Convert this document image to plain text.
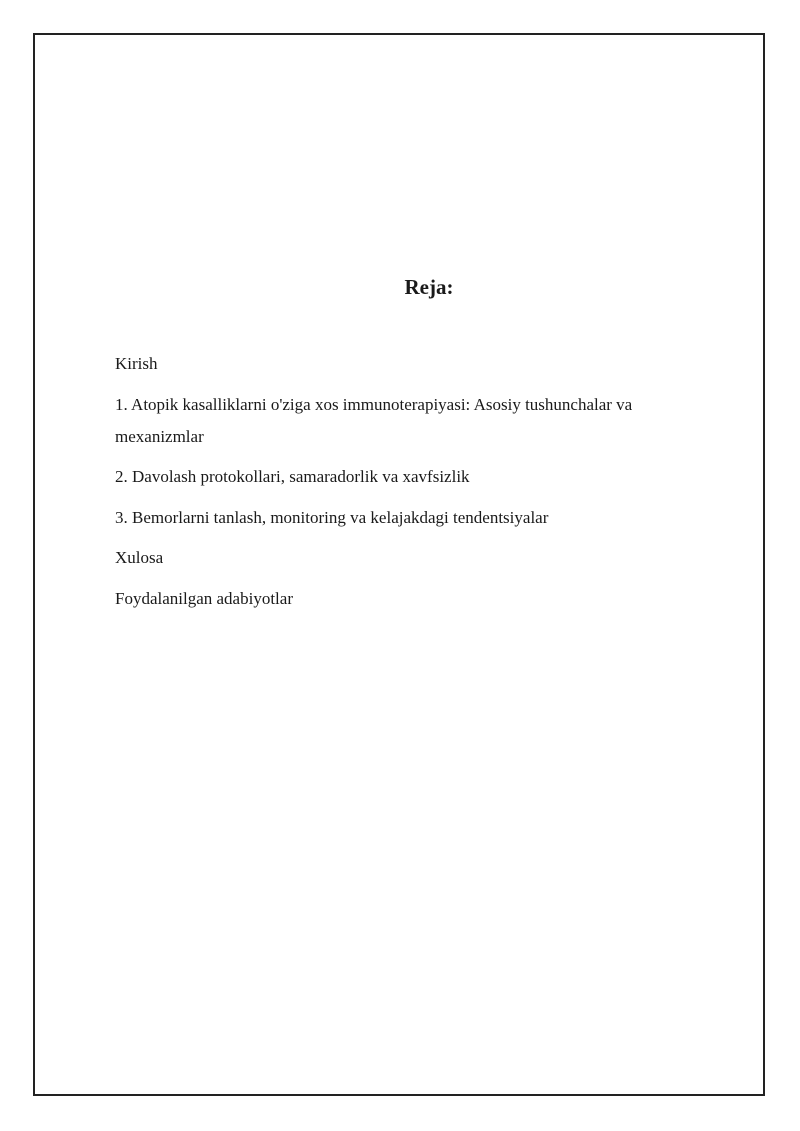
Reja:
Kirish
1. Atopik kasalliklarni o'ziga xos immunoterapiyasi: Asosiy tushunchalar va mexanizmlar
2. Davolash protokollari, samaradorlik va xavfsizlik
3. Bemorlarni tanlash, monitoring va kelajakdagi tendentsiyalar
Xulosa
Foydalanilgan adabiyotlar
